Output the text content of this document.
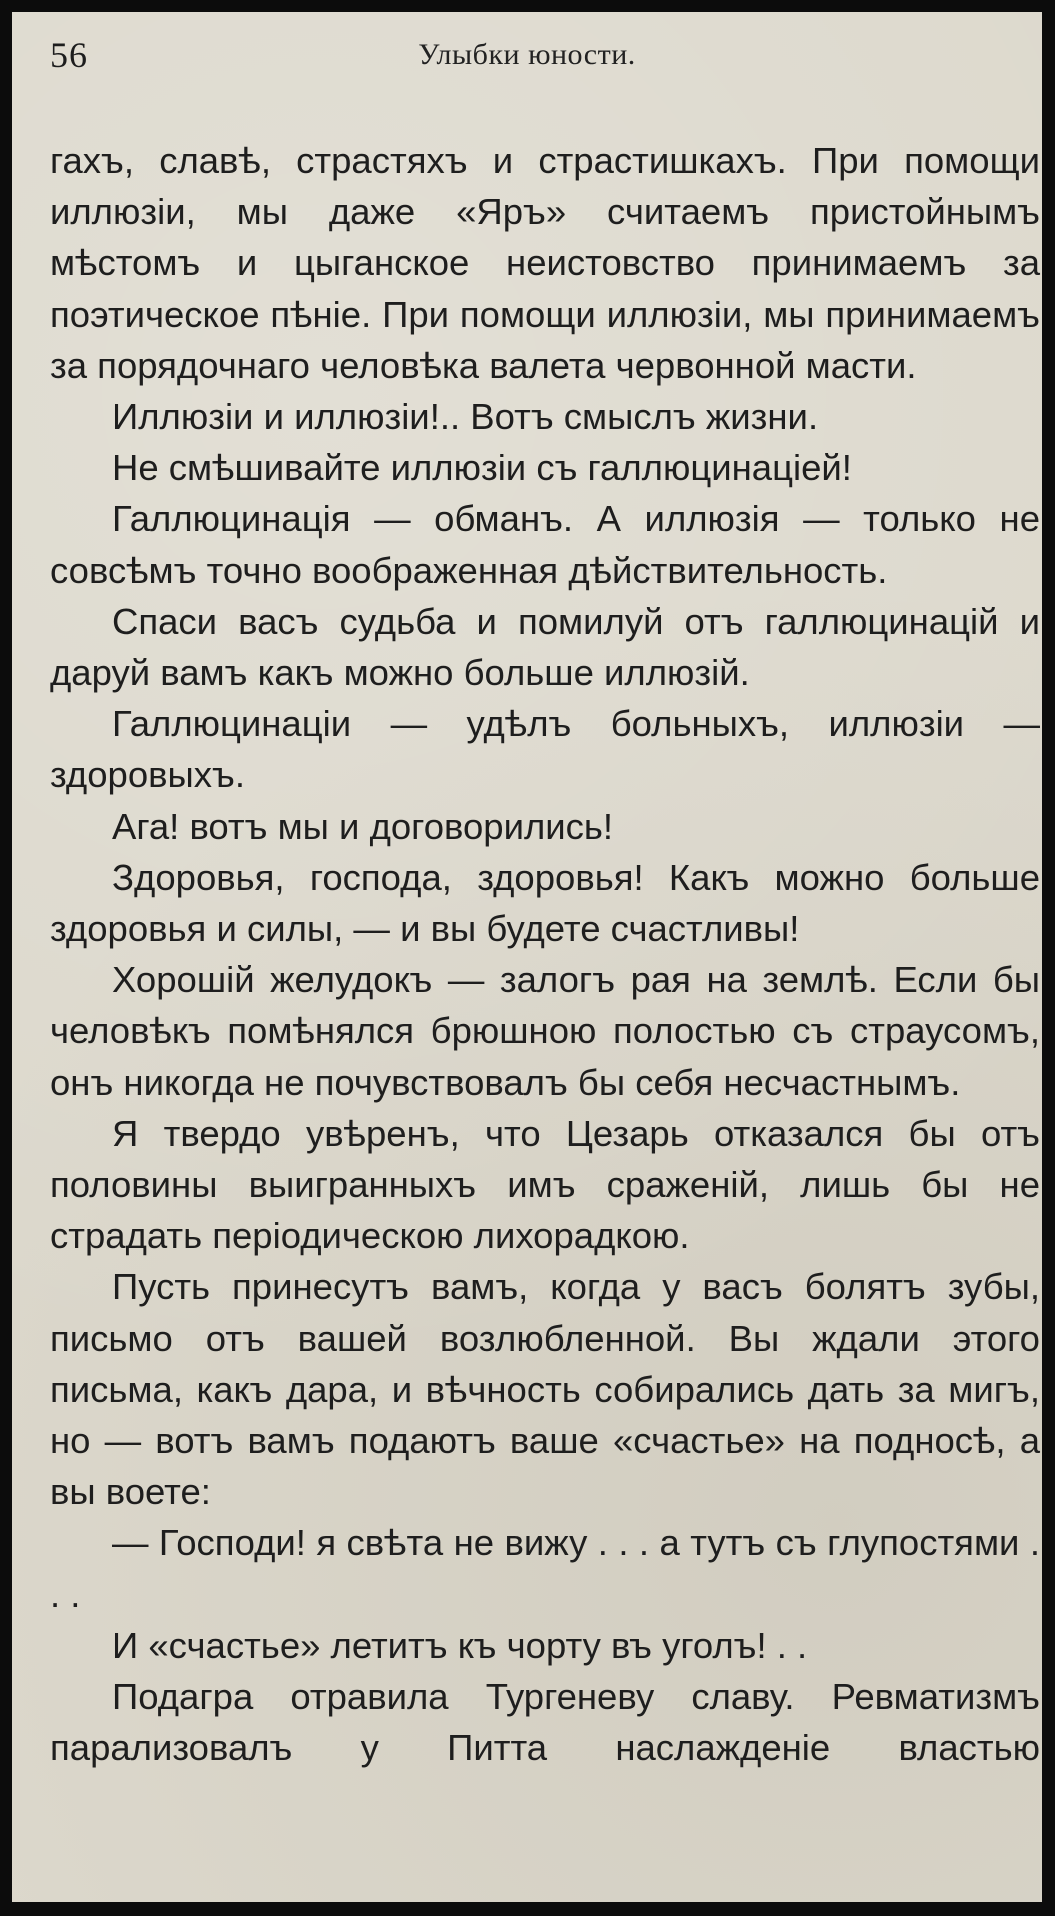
56	Улыбки юности.

гахъ, славѣ, страстяхъ и страстишкахъ. При помощи иллюзіи, мы даже «Яръ» считаемъ пристойнымъ мѣстомъ и цыганское неистовство принимаемъ за поэтическое пѣніе. При помощи иллюзіи, мы принимаемъ за порядочнаго человѣка валета червонной масти.

Иллюзіи и иллюзіи!.. Вотъ смыслъ жизни.

Не смѣшивайте иллюзіи съ галлюцинаціей!

Галлюцинація — обманъ. А иллюзія — только не совсѣмъ точно воображенная дѣйствительность.

Спаси васъ судьба и помилуй отъ галлюцинацій и даруй вамъ какъ можно больше иллюзій.

Галлюцинаціи — удѣлъ больныхъ, иллюзіи — здоровыхъ.

Ага! вотъ мы и договорились!

Здоровья, господа, здоровья! Какъ можно больше здоровья и силы, — и вы будете счастливы!

Хорошій желудокъ — залогъ рая на землѣ. Если бы человѣкъ помѣнялся брюшною полостью съ страусомъ, онъ никогда не почувствовалъ бы себя несчастнымъ.

Я твердо увѣренъ, что Цезарь отказался бы отъ половины выигранныхъ имъ сраженій, лишь бы не страдать періодическою лихорадкою.

Пусть принесутъ вамъ, когда у васъ болятъ зубы, письмо отъ вашей возлюбленной. Вы ждали этого письма, какъ дара, и вѣчность собирались дать за мигъ, но — вотъ вамъ подаютъ ваше «счастье» на подносѣ, а вы воете:

— Господи! я свѣта не вижу . . . а тутъ съ глупостями . . .

И «счастье» летитъ къ чорту въ уголъ! . .

Подагра отравила Тургеневу славу. Ревматизмъ парализовалъ у Питта наслажденіе властью
